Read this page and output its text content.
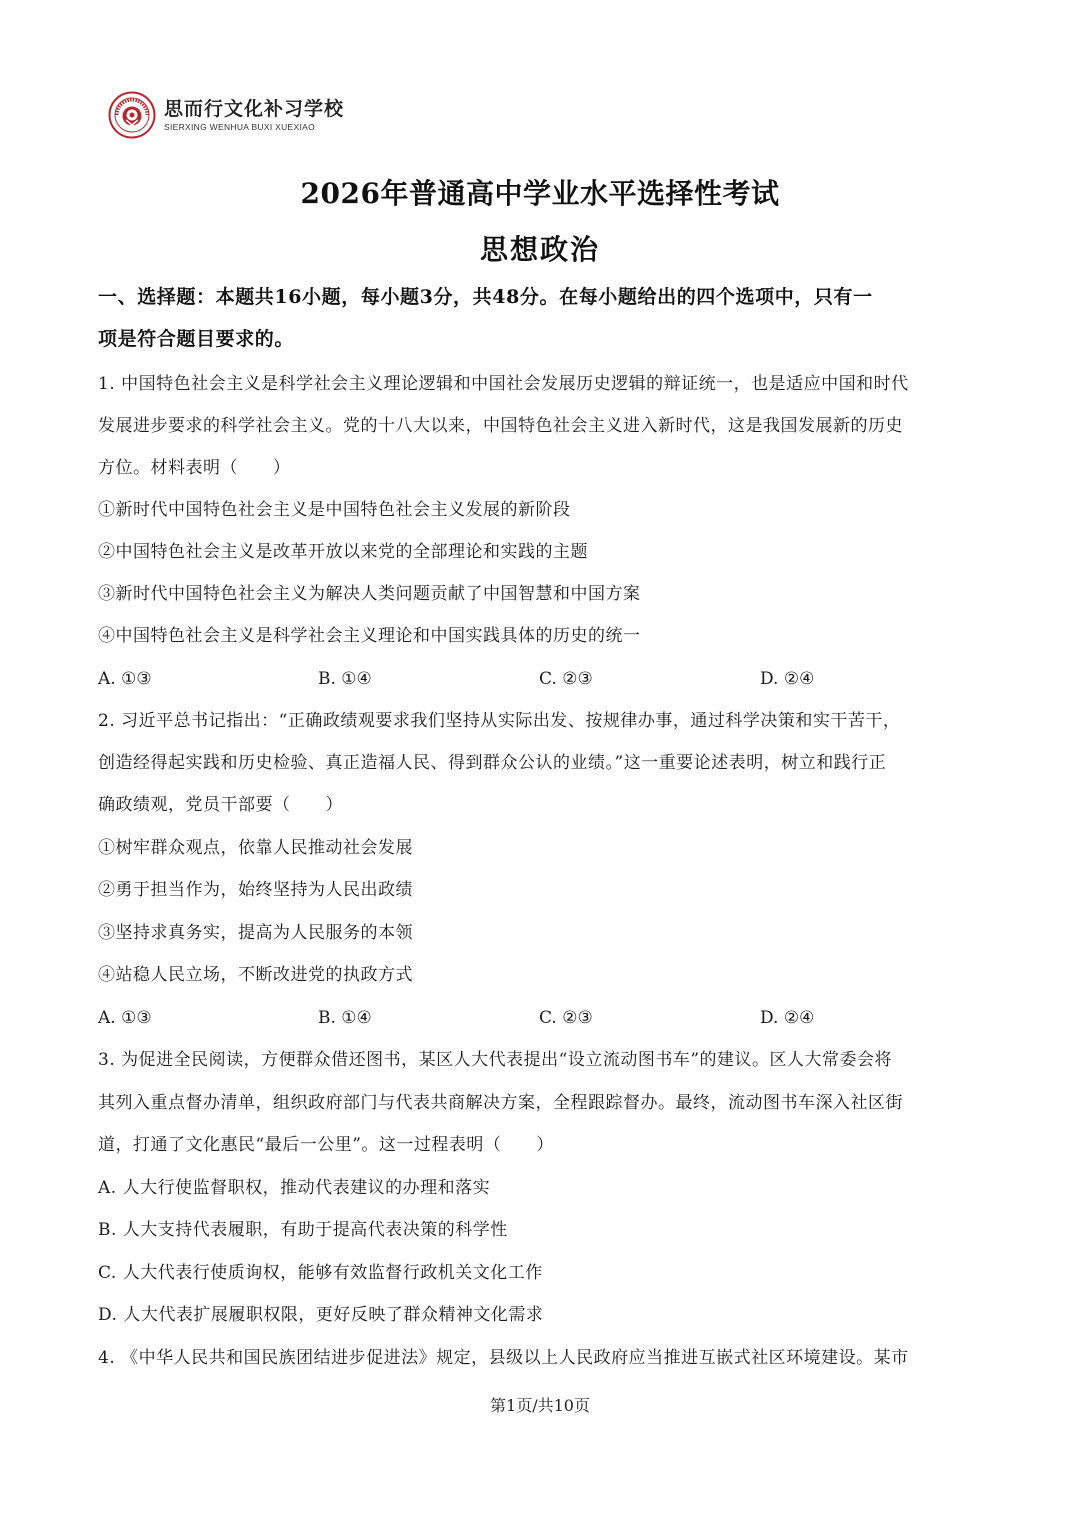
思而行文化补习学校
SIERXING WENHUA BUXI XUEXIAO
2026年普通高中学业水平选择性考试
思想政治
一、选择题：本题共16小题，每小题3分，共48分。在每小题给出的四个选项中，只有一
项是符合题目要求的。
1. 中国特色社会主义是科学社会主义理论逻辑和中国社会发展历史逻辑的辩证统一，也是适应中国和时代
发展进步要求的科学社会主义。党的十八大以来，中国特色社会主义进入新时代，这是我国发展新的历史
方位。材料表明（　　）
①新时代中国特色社会主义是中国特色社会主义发展的新阶段
②中国特色社会主义是改革开放以来党的全部理论和实践的主题
③新时代中国特色社会主义为解决人类问题贡献了中国智慧和中国方案
④中国特色社会主义是科学社会主义理论和中国实践具体的历史的统一
A. ①③	B. ①④	C. ②③	D. ②④
2. 习近平总书记指出：“正确政绩观要求我们坚持从实际出发、按规律办事，通过科学决策和实干苦干，
创造经得起实践和历史检验、真正造福人民、得到群众公认的业绩。”这一重要论述表明，树立和践行正
确政绩观，党员干部要（　　）
①树牢群众观点，依靠人民推动社会发展
②勇于担当作为，始终坚持为人民出政绩
③坚持求真务实，提高为人民服务的本领
④站稳人民立场，不断改进党的执政方式
A. ①③	B. ①④	C. ②③	D. ②④
3. 为促进全民阅读，方便群众借还图书，某区人大代表提出“设立流动图书车”的建议。区人大常委会将
其列入重点督办清单，组织政府部门与代表共商解决方案，全程跟踪督办。最终，流动图书车深入社区街
道，打通了文化惠民“最后一公里”。这一过程表明（　　）
A. 人大行使监督职权，推动代表建议的办理和落实
B. 人大支持代表履职，有助于提高代表决策的科学性
C. 人大代表行使质询权，能够有效监督行政机关文化工作
D. 人大代表扩展履职权限，更好反映了群众精神文化需求
4. 《中华人民共和国民族团结进步促进法》规定，县级以上人民政府应当推进互嵌式社区环境建设。某市
第1页/共10页
